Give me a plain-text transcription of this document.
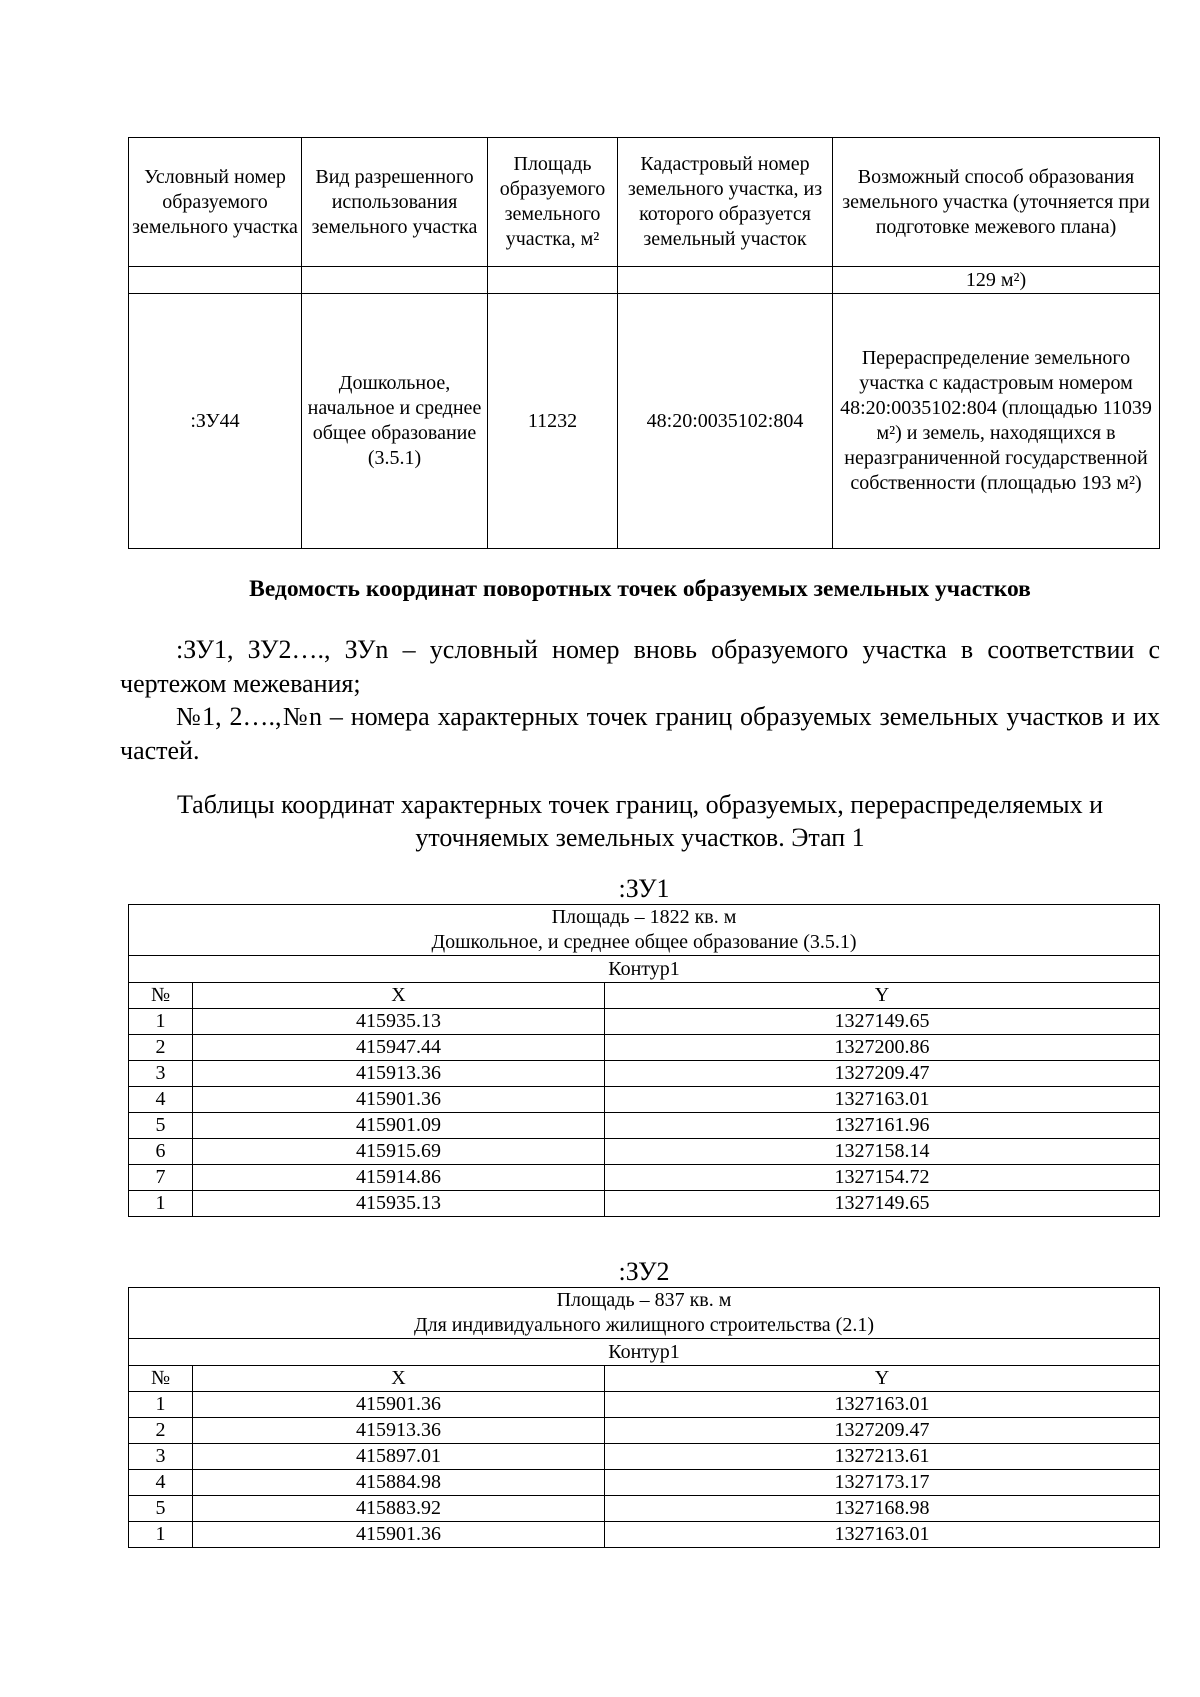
Условный номер образуемого земельного участка	Вид разрешенного использования земельного участка	Площадь образуемого земельного участка, м²	Кадастровый номер земельного участка, из которого образуется земельный участок	Возможный способ образования земельного участка (уточняется при подготовке межевого плана)
				129 м²)
:ЗУ44	Дошкольное, начальное и среднее общее образование (3.5.1)	11232	48:20:0035102:804	Перераспределение земельного участка с кадастровым номером 48:20:0035102:804 (площадью 11039 м²) и земель, находящихся в неразграниченной государственной собственности (площадью 193 м²)
Ведомость координат поворотных точек образуемых земельных участков

:ЗУ1, ЗУ2…., ЗУn – условный номер вновь образуемого участка в соответствии с чертежом межевания;

№1, 2….,№n – номера характерных точек границ образуемых земельных участков и их частей.

Таблицы координат характерных точек границ, образуемых, перераспределяемых и уточняемых земельных участков. Этап 1
:ЗУ1
Площадь – 1822 кв. м
Дошкольное, и среднее общее образование (3.5.1)		

Контур1		
№	X	Y
1	415935.13	1327149.65
2	415947.44	1327200.86
3	415913.36	1327209.47
4	415901.36	1327163.01
5	415901.09	1327161.96
6	415915.69	1327158.14
7	415914.86	1327154.72
1	415935.13	1327149.65
:ЗУ2
Площадь – 837 кв. м
Для индивидуального жилищного строительства (2.1)		

Контур1		
№	X	Y
1	415901.36	1327163.01
2	415913.36	1327209.47
3	415897.01	1327213.61
4	415884.98	1327173.17
5	415883.92	1327168.98
1	415901.36	1327163.01
